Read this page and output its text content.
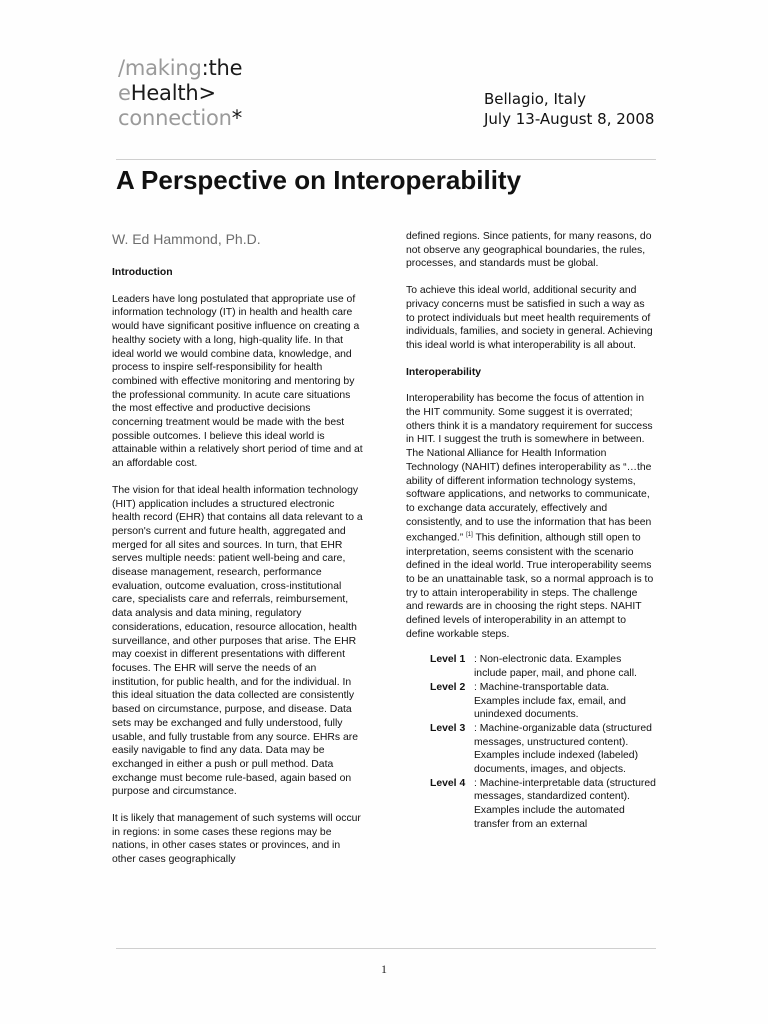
/making:the
eHealth>
connection*
Bellagio, Italy
July 13-August 8, 2008
A Perspective on Interoperability
W. Ed Hammond, Ph.D.
Introduction
Leaders have long postulated that appropriate use of information technology (IT) in health and health care would have significant positive influence on creating a healthy society with a long, high-quality life. In that ideal world we would combine data, knowledge, and process to inspire self-responsibility for health combined with effective monitoring and mentoring by the professional community. In acute care situations the most effective and productive decisions concerning treatment would be made with the best possible outcomes. I believe this ideal world is attainable within a relatively short period of time and at an affordable cost.
The vision for that ideal health information technology (HIT) application includes a structured electronic health record (EHR) that contains all data relevant to a person's current and future health, aggregated and merged for all sites and sources. In turn, that EHR serves multiple needs: patient well-being and care, disease management, research, performance evaluation, outcome evaluation, cross-institutional care, specialists care and referrals, reimbursement, data analysis and data mining, regulatory considerations, education, resource allocation, health surveillance, and other purposes that arise. The EHR may coexist in different presentations with different focuses. The EHR will serve the needs of an institution, for public health, and for the individual. In this ideal situation the data collected are consistently based on circumstance, purpose, and disease. Data sets may be exchanged and fully understood, fully usable, and fully trustable from any source. EHRs are easily navigable to find any data. Data may be exchanged in either a push or pull method. Data exchange must become rule-based, again based on purpose and circumstance.
It is likely that management of such systems will occur in regions: in some cases these regions may be nations, in other cases states or provinces, and in other cases geographically
defined regions. Since patients, for many reasons, do not observe any geographical boundaries, the rules, processes, and standards must be global.
To achieve this ideal world, additional security and privacy concerns must be satisfied in such a way as to protect individuals but meet health requirements of individuals, families, and society in general. Achieving this ideal world is what interoperability is all about.
Interoperability
Interoperability has become the focus of attention in the HIT community. Some suggest it is overrated; others think it is a mandatory requirement for success in HIT. I suggest the truth is somewhere in between. The National Alliance for Health Information Technology (NAHIT) defines interoperability as “…the ability of different information technology systems, software applications, and networks to communicate, to exchange data accurately, effectively and consistently, and to use the information that has been exchanged.” [1] This definition, although still open to interpretation, seems consistent with the scenario defined in the ideal world. True interoperability seems to be an unattainable task, so a normal approach is to try to attain interoperability in steps. The challenge and rewards are in choosing the right steps. NAHIT defined levels of interoperability in an attempt to define workable steps.
Level 1 : Non-electronic data. Examples include paper, mail, and phone call.
Level 2 : Machine-transportable data. Examples include fax, email, and unindexed documents.
Level 3 : Machine-organizable data (structured messages, unstructured content). Examples include indexed (labeled) documents, images, and objects.
Level 4 : Machine-interpretable data (structured messages, standardized content). Examples include the automated transfer from an external
1
